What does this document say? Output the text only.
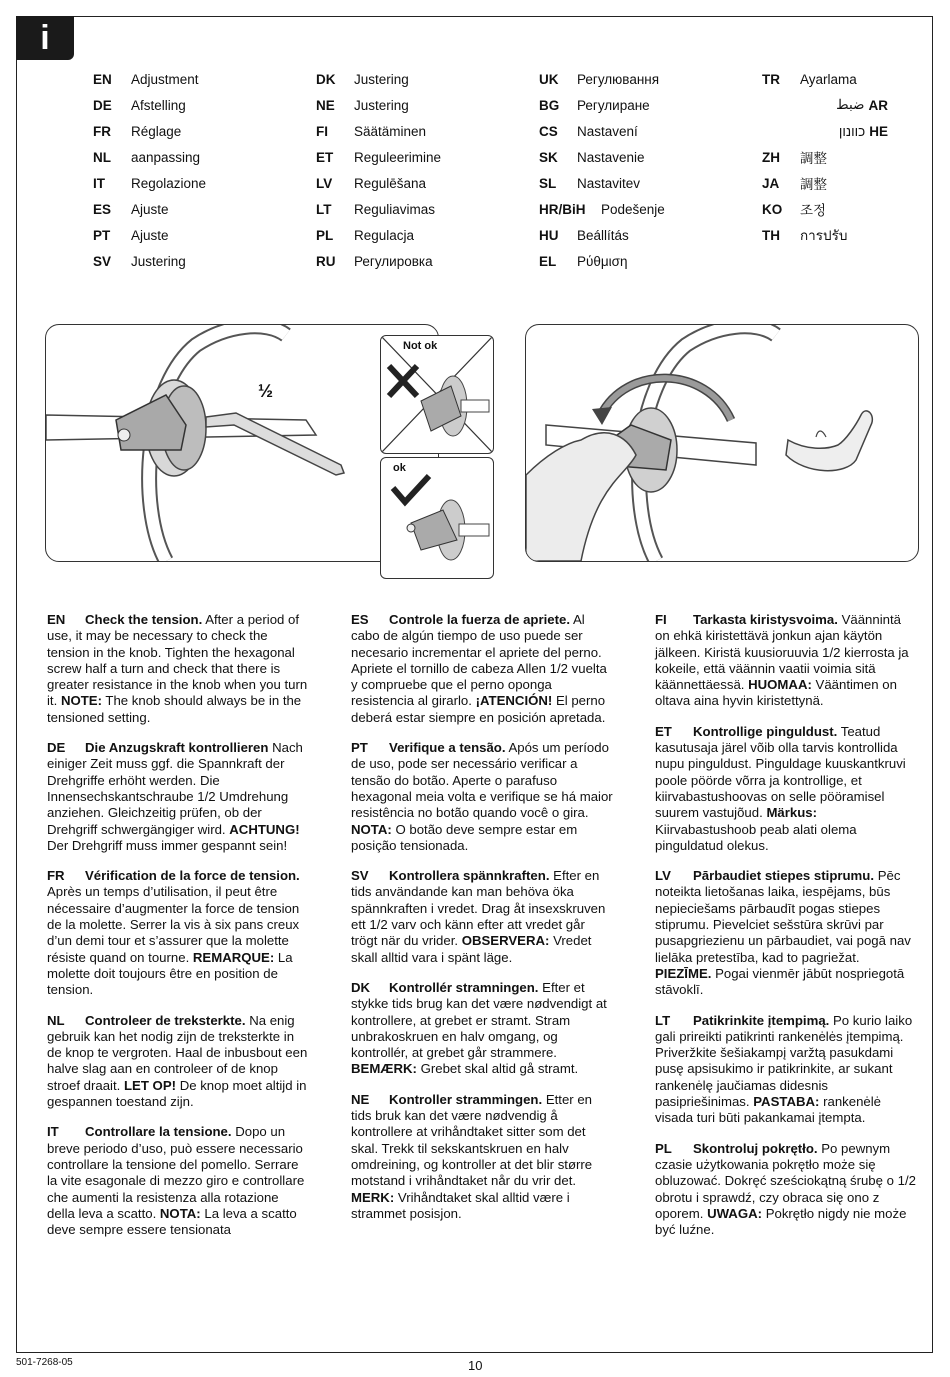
i
EN	Adjustment
DE	Afstelling
FR	Réglage
NL	aanpassing
IT	Regolazione
ES	Ajuste
PT	Ajuste
SV	Justering
DK	Justering
NE	Justering
FI	Säätäminen
ET	Reguleerimine
LV	Regulēšana
LT	Reguliavimas
PL	Regulacja
RU	Регулировка
UK	Регулювання
BG	Регулиране
CS	Nastavení
SK	Nastavenie
SL	Nastavitev
HR/BiH	Podešenje
HU	Beállítás
EL	Ρύθμιση
TR	Ayarlama
ضبط AR
כוונון HE
ZH	調整
JA	調整
KO	조정
TH	การปรับ
½
Not ok
ok

EN Check the tension. After a period of use, it may be necessary to check the tension in the knob. Tighten the hexagonal screw half a turn and check that there is greater resistance in the knob when you turn it. NOTE: The knob should always be in the tensioned setting.

DE Die Anzugskraft kontrollieren Nach einiger Zeit muss ggf. die Spannkraft der Drehgriffe erhöht werden. Die Innensechskantschraube 1/2 Umdrehung anziehen. Gleichzeitig prüfen, ob der Drehgriff schwergängiger wird. ACHTUNG! Der Drehgriff muss immer gespannt sein!

FR Vérification de la force de tension. Après un temps d’utilisation, il peut être nécessaire d’augmenter la force de tension de la molette. Serrer la vis à six pans creux d’un demi tour et s’assurer que la molette résiste quand on tourne. REMARQUE: La molette doit toujours être en position de tension.

NL Controleer de treksterkte. Na enig gebruik kan het nodig zijn de treksterkte in de knop te vergroten. Haal de inbusbout een halve slag aan en controleer of de knop stroef draait. LET OP! De knop moet altijd in gespannen toestand zijn.

IT Controllare la tensione. Dopo un breve periodo d’uso, può essere necessario controllare la tensione del pomello. Serrare la vite esagonale di mezzo giro e controllare che aumenti la resistenza alla rotazione della leva a scatto. NOTA: La leva a scatto deve sempre essere tensionata

ES Controle la fuerza de apriete. Al cabo de algún tiempo de uso puede ser necesario incrementar el apriete del perno. Apriete el tornillo de cabeza Allen 1/2 vuelta y compruebe que el perno oponga resistencia al girarlo. ¡ATENCIÓN! El perno deberá estar siempre en posición apretada.

PT Verifique a tensão. Após um período de uso, pode ser necessário verificar a tensão do botão. Aperte o parafuso hexagonal meia volta e verifique se há maior resistência no botão quando você o gira. NOTA: O botão deve sempre estar em posição tensionada.

SV Kontrollera spännkraften. Efter en tids användande kan man behöva öka spännkraften i vredet. Drag åt insexskruven ett 1/2 varv och känn efter att vredet går trögt när du vrider. OBSERVERA: Vredet skall alltid vara i spänt läge.

DK Kontrollér stramningen. Efter et stykke tids brug kan det være nødvendigt at kontrollere, at grebet er stramt. Stram unbrakoskruen en halv omgang, og kontrollér, at grebet går strammere. BEMÆRK: Grebet skal altid gå stramt.

NE Kontroller strammingen. Etter en tids bruk kan det være nødvendig å kontrollere at vrihåndtaket sitter som det skal. Trekk til sekskantskruen en halv omdreining, og kontroller at det blir større motstand i vrihåndtaket når du vrir det. MERK: Vrihåndtaket skal alltid være i strammet posisjon.

FI Tarkasta kiristysvoima. Väännintä on ehkä kiristettävä jonkun ajan käytön jälkeen. Kiristä kuusioruuvia 1/2 kierrosta ja kokeile, että väännin vaatii voimia sitä käännettäessä. HUOMAA: Vääntimen on oltava aina hyvin kiristettynä.

ET Kontrollige pinguldust. Teatud kasutusaja järel võib olla tarvis kontrollida nupu pinguldust. Pinguldage kuuskantkruvi poole pöörde võrra ja kontrollige, et kiirvabastushoovas on selle pööramisel suurem vastujõud. Märkus: Kiirvabastushoob peab alati olema pinguldatud olekus.

LV Pārbaudiet stiepes stiprumu. Pēc noteikta lietošanas laika, iespējams, būs nepieciešams pārbaudīt pogas stiepes stiprumu. Pievelciet sešstūra skrūvi par pusapgriezienu un pārbaudiet, vai pogā nav lielāka pretestība, kad to pagriežat. PIEZĪME. Pogai vienmēr jābūt nospriegotā stāvoklī.

LT Patikrinkite įtempimą. Po kurio laiko gali prireikti patikrinti rankenėlės įtempimą. Priveržkite šešiakampį varžtą pasukdami pusę apsisukimo ir patikrinkite, ar sukant rankenėlę jaučiamas didesnis pasipriešinimas. PASTABA: rankenėlė visada turi būti pakankamai įtempta.

PL Skontroluj pokrętło. Po pewnym czasie użytkowania pokrętło może się obluzować. Dokręć sześciokątną śrubę o 1/2 obrotu i sprawdź, czy obraca się ono z oporem. UWAGA: Pokrętło nigdy nie może być luźne.

501-7268-05	10
